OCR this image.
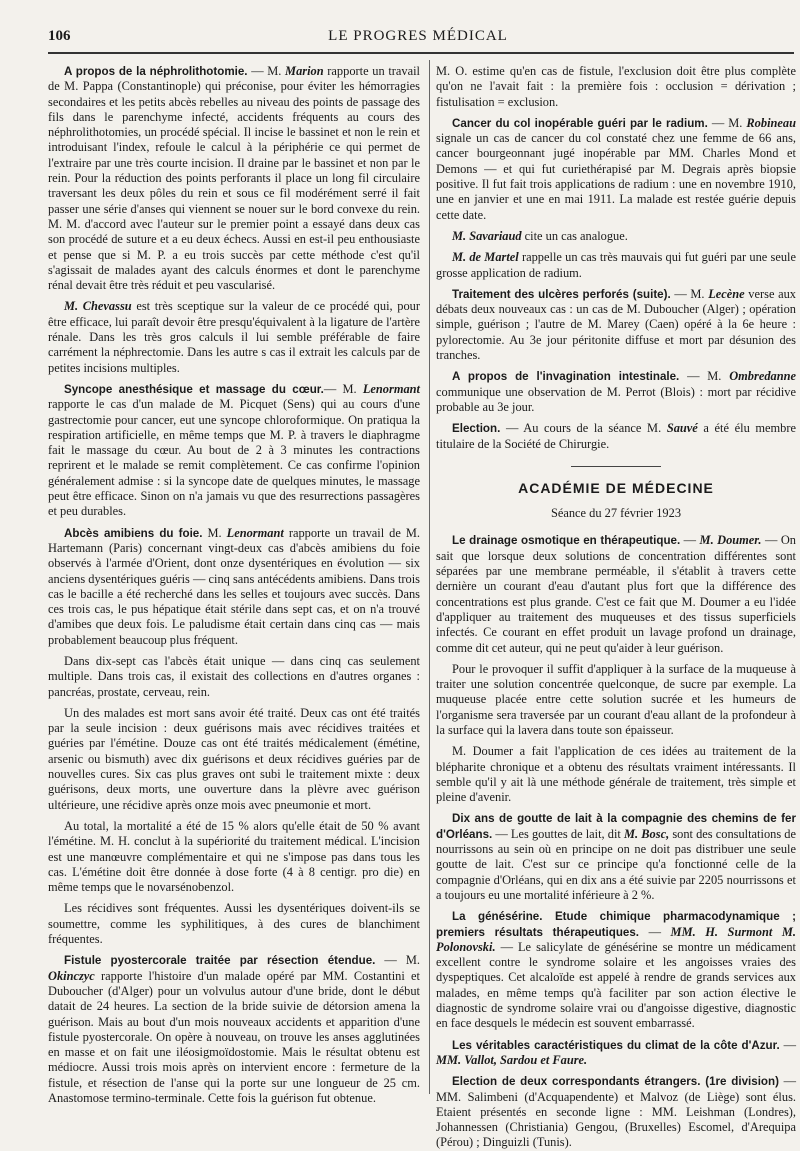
106	LE PROGRES MÉDICAL

A propos de la néphrolithotomie. — M. Marion rapporte un travail de M. Pappa (Constantinople) qui préconise, pour éviter les hémorragies secondaires et les petits abcès rebelles au niveau des points de passage des fils dans le parenchyme infecté, accidents fréquents au cours des néphrolithotomies, un procédé spécial. Il incise le bassinet et non le rein et introduisant l'index, refoule le calcul à la périphérie ce qui permet de l'extraire par une très courte incision. Il draine par le bassinet et non par le rein. Pour la réduction des points perforants il place un long fil circulaire traversant les deux pôles du rein et sous ce fil modérément serré il fait passer une série d'anses qui viennent se nouer sur le bord convexe du rein. M. M. d'accord avec l'auteur sur le premier point a essayé dans deux cas son procédé de suture et a eu deux échecs. Aussi en est-il peu enthousiaste et pense que si M. P. a eu trois succès par cette méthode c'est qu'il s'agissait de malades ayant des calculs énormes et dont le parenchyme rénal devait être très réduit et peu vascularisé.

M. Chevassu est très sceptique sur la valeur de ce procédé qui, pour être efficace, lui paraît devoir être presqu'équivalent à la ligature de l'artère rénale. Dans les très gros calculs il lui semble préférable de faire carrément la néphrectomie. Dans les autre s cas il extrait les calculs par de petites incisions multiples.

Syncope anesthésique et massage du cœur.— M. Lenormant rapporte le cas d'un malade de M. Picquet (Sens) qui au cours d'une gastrectomie pour cancer, eut une syncope chloroformique. On pratiqua la respiration artificielle, en même temps que M. P. à travers le diaphragme fait le massage du cœur. Au bout de 2 à 3 minutes les contractions reprirent et le malade se remit complètement. Ce cas confirme l'opinion généralement admise : si la syncope date de quelques minutes, le massage peut être efficace. Sinon on n'a jamais vu que des resurrections passagères et peu durables.

Abcès amibiens du foie. M. Lenormant rapporte un travail de M. Hartemann (Paris) concernant vingt-deux cas d'abcès amibiens du foie observés à l'armée d'Orient, dont onze dysentériques en évolution — six anciens dysentériques guéris — cinq sans antécédents amibiens. Dans trois cas le bacille a été recherché dans les selles et toujours avec succès. Dans ces trois cas, le pus hépatique était stérile dans sept cas, et on n'a trouvé d'amibes que deux fois. Le paludisme était certain dans cinq cas — mais probablement beaucoup plus fréquent.

Dans dix-sept cas l'abcès était unique — dans cinq cas seulement multiple. Dans trois cas, il existait des collections en d'autres organes : pancréas, prostate, cerveau, rein.

Un des malades est mort sans avoir été traité. Deux cas ont été traités par la seule incision : deux guérisons mais avec récidives traitées et guéries par l'émétine. Douze cas ont été traités médicalement (émétine, arsenic ou bismuth) avec dix guérisons et deux récidives guéries par de nouvelles cures. Six cas plus graves ont subi le traitement mixte : deux guérisons, deux morts, une ouverture dans la plèvre avec guérison ultérieure, une récidive après onze mois avec pneumonie et mort.

Au total, la mortalité a été de 15 % alors qu'elle était de 50 % avant l'émétine. M. H. conclut à la supériorité du traitement médical. L'incision est une manœuvre complémentaire et qui ne s'impose pas dans tous les cas. L'émétine doit être donnée à dose forte (4 à 8 centigr. pro die) en même temps que le novarsénobenzol.

Les récidives sont fréquentes. Aussi les dysentériques doivent-ils se soumettre, comme les syphilitiques, à des cures de blanchiment fréquentes.

Fistule pyostercorale traitée par résection étendue. — M. Okinczyc rapporte l'histoire d'un malade opéré par MM. Costantini et Duboucher (d'Alger) pour un volvulus autour d'une bride, dont le début datait de 24 heures. La section de la bride suivie de détorsion amena la guérison. Mais au bout d'un mois nouveaux accidents et apparition d'une fistule pyostercorale. On opère à nouveau, on trouve les anses agglutinées en masse et on fait une iléosigmoïdostomie. Mais le résultat obtenu est médiocre. Aussi trois mois après on intervient encore : fermeture de la fistule, et résection de l'anse qui la porte sur une longueur de 25 cm. Anastomose termino-terminale. Cette fois la guérison fut obtenue.

M. O. estime qu'en cas de fistule, l'exclusion doit être plus complète qu'on ne l'avait fait : la première fois : occlusion = dérivation ; fistulisation = exclusion.

Cancer du col inopérable guéri par le radium. — M. Robineau signale un cas de cancer du col constaté chez une femme de 66 ans, cancer bourgeonnant jugé inopérable par MM. Charles Mond et Demons — et qui fut curiethérapisé par M. Degrais après biopsie positive. Il fut fait trois applications de radium : une en novembre 1910, une en janvier et une en mai 1911. La malade est restée guérie depuis cette date.

M. Savariaud cite un cas analogue.

M. de Martel rappelle un cas très mauvais qui fut guéri par une seule grosse application de radium.

Traitement des ulcères perforés (suite). — M. Lecène verse aux débats deux nouveaux cas : un cas de M. Duboucher (Alger) ; opération simple, guérison ; l'autre de M. Marey (Caen) opéré à la 6e heure : pylorectomie. Au 3e jour péritonite diffuse et mort par désunion des tranches.

A propos de l'invagination intestinale. — M. Ombredanne communique une observation de M. Perrot (Blois) : mort par récidive probable au 3e jour.

Election. — Au cours de la séance M. Sauvé a été élu membre titulaire de la Société de Chirurgie.

ACADÉMIE DE MÉDECINE
Séance du 27 février 1923

Le drainage osmotique en thérapeutique. — M. Doumer. — On sait que lorsque deux solutions de concentration différentes sont séparées par une membrane perméable, il s'établit à travers cette dernière un courant d'eau d'autant plus fort que la différence des concentrations est plus grande. C'est ce fait que M. Doumer a eu l'idée d'appliquer au traitement des muqueuses et des tissus superficiels infectés. Ce courant en effet produit un lavage profond un drainage, comme dit cet auteur, qui ne peut qu'aider à leur guérison.

Pour le provoquer il suffit d'appliquer à la surface de la muqueuse à traiter une solution concentrée quelconque, de sucre par exemple. La muqueuse placée entre cette solution sucrée et les humeurs de l'organisme sera traversée par un courant d'eau allant de la profondeur à la surface qui la lavera dans toute son épaisseur.

M. Doumer a fait l'application de ces idées au traitement de la blépharite chronique et a obtenu des résultats vraiment intéressants. Il semble qu'il y ait là une méthode générale de traitement, très simple et pleine d'avenir.

Dix ans de goutte de lait à la compagnie des chemins de fer d'Orléans. — Les gouttes de lait, dit M. Bosc, sont des consultations de nourrissons au sein où en principe on ne doit pas distribuer une seule goutte de lait. C'est sur ce principe qu'a fonctionné celle de la compagnie d'Orléans, qui en dix ans a été suivie par 2205 nourrissons et a toujours eu une mortalité inférieure à 2 %.

La génésérine. Etude chimique pharmacodynamique ; premiers résultats thérapeutiques. — MM. H. Surmont M. Polonovski. — Le salicylate de génésérine se montre un médicament excellent contre le syndrome solaire et les angoisses vraies des dyspeptiques. Cet alcaloïde est appelé à rendre de grands services aux malades, en même temps qu'à faciliter par son action élective le diagnostic de syndrome solaire vrai ou d'angoisse digestive, diagnostic en face desquels le médecin est souvent embarrassé.

Les véritables caractéristiques du climat de la côte d'Azur. — MM. Vallot, Sardou et Faure.

Election de deux correspondants étrangers. (1re division) — MM. Salimbeni (d'Acquapendente) et Malvoz (de Liège) sont élus. Etaient présentés en seconde ligne : MM. Leishman (Londres), Johannessen (Christiania) Gengou, (Bruxelles) Escomel, d'Arequipa (Pérou) ; Dinguizli (Tunis).
